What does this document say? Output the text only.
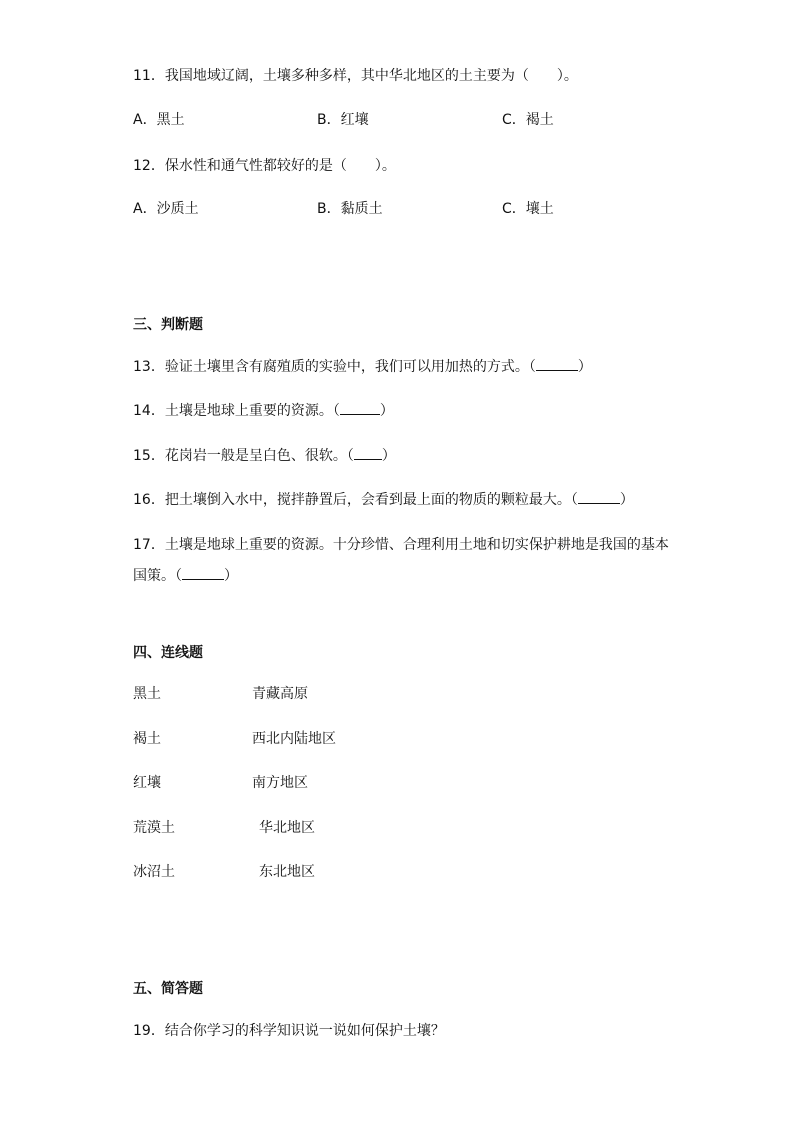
11．我国地域辽阔，土壤多种多样，其中华北地区的土主要为（ ）。
A．黑土	B．红壤	C．褐土
12．保水性和通气性都较好的是（ ）。
A．沙质土	B．黏质土	C．壤土
三、判断题
13．验证土壤里含有腐殖质的实验中，我们可以用加热的方式。（	）
14．土壤是地球上重要的资源。（	）
15．花岗岩一般是呈白色、很软。（ ）
16．把土壤倒入水中，搅拌静置后，会看到最上面的物质的颗粒最大。（	）
17．土壤是地球上重要的资源。十分珍惜、合理利用土地和切实保护耕地是我国的基本
国策。（	）
四、连线题
黑土	青藏高原
褐土	西北内陆地区
红壤	南方地区
荒漠土	华北地区
冰沼土	东北地区
五、简答题
19．结合你学习的科学知识说一说如何保护土壤？
